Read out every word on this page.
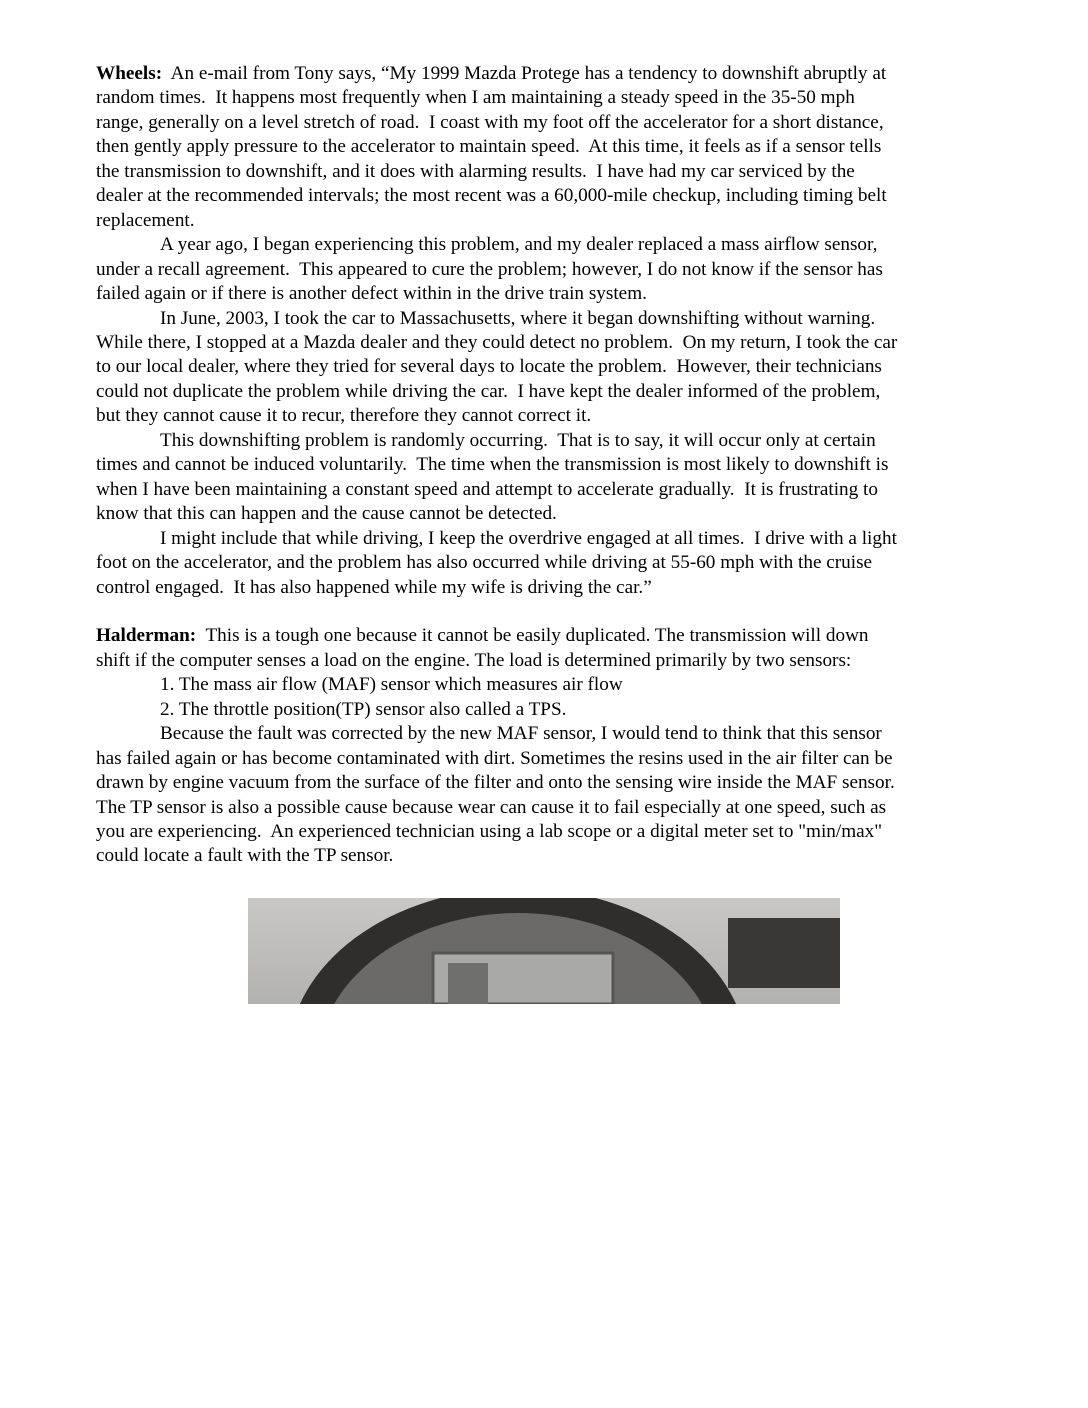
Wheels:  An e-mail from Tony says, “My 1999 Mazda Protege has a tendency to downshift abruptly at
random times.  It happens most frequently when I am maintaining a steady speed in the 35-50 mph
range, generally on a level stretch of road.  I coast with my foot off the accelerator for a short distance,
then gently apply pressure to the accelerator to maintain speed.  At this time, it feels as if a sensor tells
the transmission to downshift, and it does with alarming results.  I have had my car serviced by the
dealer at the recommended intervals; the most recent was a 60,000-mile checkup, including timing belt
replacement.
A year ago, I began experiencing this problem, and my dealer replaced a mass airflow sensor,
under a recall agreement.  This appeared to cure the problem; however, I do not know if the sensor has
failed again or if there is another defect within in the drive train system.
In June, 2003, I took the car to Massachusetts, where it began downshifting without warning.
While there, I stopped at a Mazda dealer and they could detect no problem.  On my return, I took the car
to our local dealer, where they tried for several days to locate the problem.  However, their technicians
could not duplicate the problem while driving the car.  I have kept the dealer informed of the problem,
but they cannot cause it to recur, therefore they cannot correct it.
This downshifting problem is randomly occurring.  That is to say, it will occur only at certain
times and cannot be induced voluntarily.  The time when the transmission is most likely to downshift is
when I have been maintaining a constant speed and attempt to accelerate gradually.  It is frustrating to
know that this can happen and the cause cannot be detected.
I might include that while driving, I keep the overdrive engaged at all times.  I drive with a light
foot on the accelerator, and the problem has also occurred while driving at 55-60 mph with the cruise
control engaged.  It has also happened while my wife is driving the car.”
Halderman:  This is a tough one because it cannot be easily duplicated. The transmission will down
shift if the computer senses a load on the engine. The load is determined primarily by two sensors:
1. The mass air flow (MAF) sensor which measures air flow
2. The throttle position(TP) sensor also called a TPS.
Because the fault was corrected by the new MAF sensor, I would tend to think that this sensor
has failed again or has become contaminated with dirt. Sometimes the resins used in the air filter can be
drawn by engine vacuum from the surface of the filter and onto the sensing wire inside the MAF sensor.
The TP sensor is also a possible cause because wear can cause it to fail especially at one speed, such as
you are experiencing.  An experienced technician using a lab scope or a digital meter set to "min/max"
could locate a fault with the TP sensor.
